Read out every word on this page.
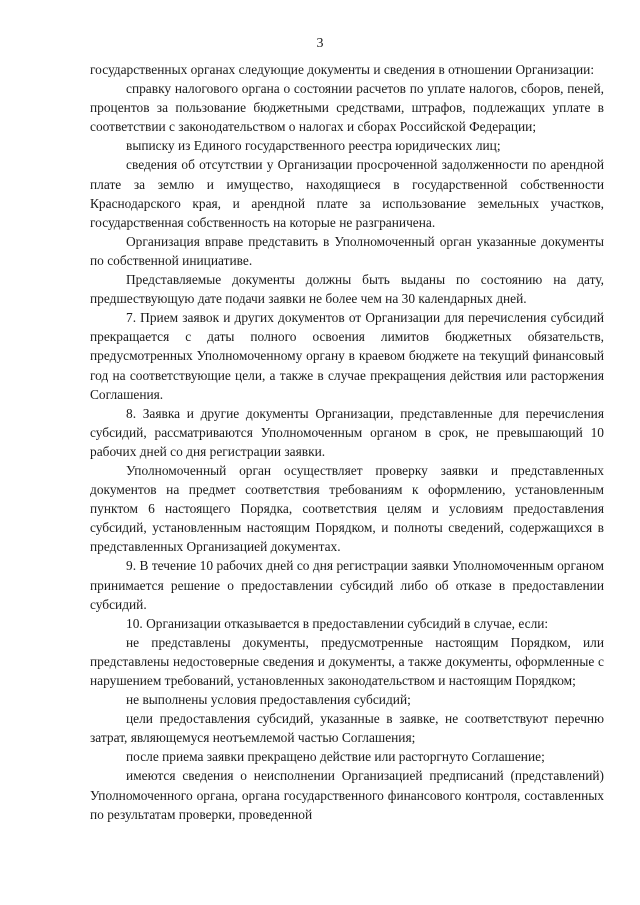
3

государственных органах следующие документы и сведения в отношении Организации:

справку налогового органа о состоянии расчетов по уплате налогов, сборов, пеней, процентов за пользование бюджетными средствами, штрафов, подлежащих уплате в соответствии с законодательством о налогах и сборах Российской Федерации;

выписку из Единого государственного реестра юридических лиц;

сведения об отсутствии у Организации просроченной задолженности по арендной плате за землю и имущество, находящиеся в государственной собственности Краснодарского края, и арендной плате за использование земельных участков, государственная собственность на которые не разграничена.

Организация вправе представить в Уполномоченный орган указанные документы по собственной инициативе.

Представляемые документы должны быть выданы по состоянию на дату, предшествующую дате подачи заявки не более чем на 30 календарных дней.

7. Прием заявок и других документов от Организации для перечисления субсидий прекращается с даты полного освоения лимитов бюджетных обязательств, предусмотренных Уполномоченному органу в краевом бюджете на текущий финансовый год на соответствующие цели, а также в случае прекращения действия или расторжения Соглашения.

8. Заявка и другие документы Организации, представленные для перечисления субсидий, рассматриваются Уполномоченным органом в срок, не превышающий 10 рабочих дней со дня регистрации заявки.

Уполномоченный орган осуществляет проверку заявки и представленных документов на предмет соответствия требованиям к оформлению, установленным пунктом 6 настоящего Порядка, соответствия целям и условиям предоставления субсидий, установленным настоящим Порядком, и полноты сведений, содержащихся в представленных Организацией документах.

9. В течение 10 рабочих дней со дня регистрации заявки Уполномоченным органом принимается решение о предоставлении субсидий либо об отказе в предоставлении субсидий.

10. Организации отказывается в предоставлении субсидий в случае, если:

не представлены документы, предусмотренные настоящим Порядком, или представлены недостоверные сведения и документы, а также документы, оформленные с нарушением требований, установленных законодательством и настоящим Порядком;

не выполнены условия предоставления субсидий;

цели предоставления субсидий, указанные в заявке, не соответствуют перечню затрат, являющемуся неотъемлемой частью Соглашения;

после приема заявки прекращено действие или расторгнуто Соглашение;

имеются сведения о неисполнении Организацией предписаний (представлений) Уполномоченного органа, органа государственного финансового контроля, составленных по результатам проверки, проведенной
